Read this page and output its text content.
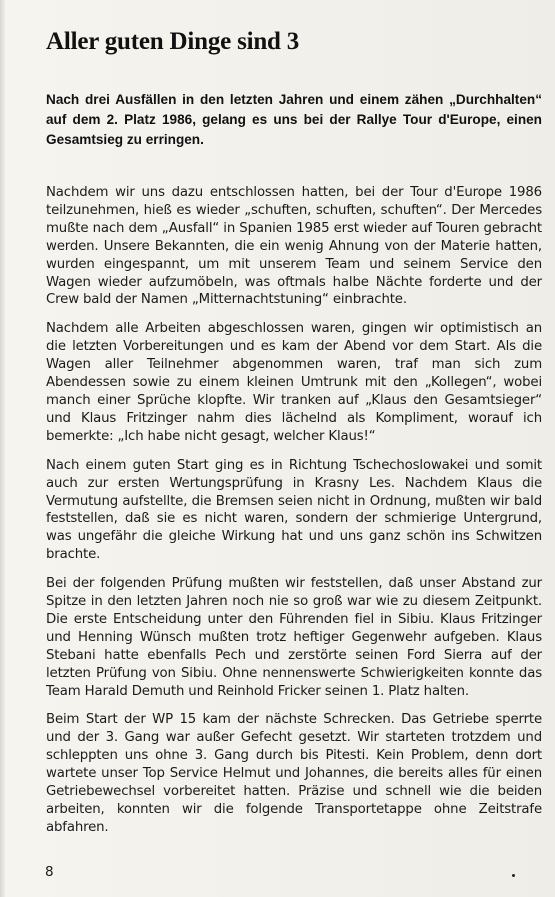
Aller guten Dinge sind 3

Nach drei Ausfällen in den letzten Jahren und einem zähen „Durchhalten“ auf dem 2. Platz 1986, gelang es uns bei der Rallye Tour d'Europe, einen Gesamtsieg zu erringen.

Nachdem wir uns dazu entschlossen hatten, bei der Tour d'Europe 1986 teilzunehmen, hieß es wieder „schuften, schuften, schuften“. Der Mercedes mußte nach dem „Ausfall“ in Spanien 1985 erst wieder auf Touren gebracht werden. Unsere Bekannten, die ein wenig Ahnung von der Materie hatten, wurden eingespannt, um mit unserem Team und seinem Service den Wagen wieder aufzumöbeln, was oftmals halbe Nächte forderte und der Crew bald der Namen „Mitternachtstuning“ einbrachte.

Nachdem alle Arbeiten abgeschlossen waren, gingen wir optimistisch an die letzten Vorbereitungen und es kam der Abend vor dem Start. Als die Wagen aller Teilnehmer abgenommen waren, traf man sich zum Abendessen sowie zu einem kleinen Umtrunk mit den „Kollegen“, wobei manch einer Sprüche klopfte. Wir tranken auf „Klaus den Gesamtsieger“ und Klaus Fritzinger nahm dies lächelnd als Kompliment, worauf ich bemerkte: „Ich habe nicht gesagt, welcher Klaus!“

Nach einem guten Start ging es in Richtung Tschechoslowakei und somit auch zur ersten Wertungsprüfung in Krasny Les. Nachdem Klaus die Vermutung aufstellte, die Bremsen seien nicht in Ordnung, mußten wir bald feststellen, daß sie es nicht waren, sondern der schmierige Untergrund, was ungefähr die gleiche Wirkung hat und uns ganz schön ins Schwitzen brachte.

Bei der folgenden Prüfung mußten wir feststellen, daß unser Abstand zur Spitze in den letzten Jahren noch nie so groß war wie zu diesem Zeitpunkt. Die erste Entscheidung unter den Führenden fiel in Sibiu. Klaus Fritzinger und Henning Wünsch mußten trotz heftiger Gegenwehr aufgeben. Klaus Stebani hatte ebenfalls Pech und zerstörte seinen Ford Sierra auf der letzten Prüfung von Sibiu. Ohne nennenswerte Schwierigkeiten konnte das Team Harald Demuth und Reinhold Fricker seinen 1. Platz halten.

Beim Start der WP 15 kam der nächste Schrecken. Das Getriebe sperrte und der 3. Gang war außer Gefecht gesetzt. Wir starteten trotzdem und schleppten uns ohne 3. Gang durch bis Pitesti. Kein Problem, denn dort wartete unser Top Service Helmut und Johannes, die bereits alles für einen Getriebewechsel vorbereitet hatten. Präzise und schnell wie die beiden arbeiten, konnten wir die folgende Transportetappe ohne Zeitstrafe abfahren.

8
